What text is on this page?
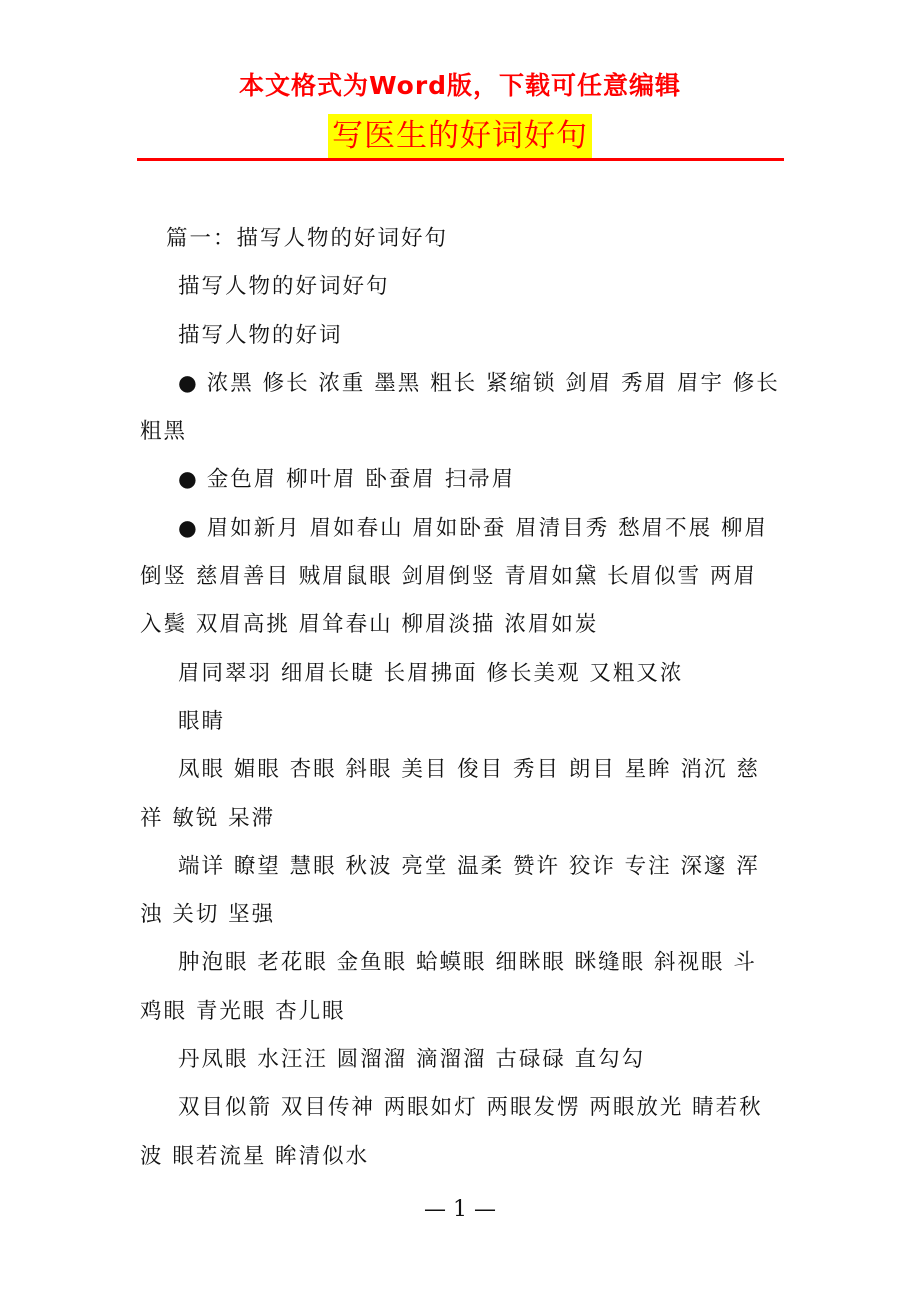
本文格式为Word版，下载可任意编辑
写医生的好词好句

篇一：描写人物的好词好句

描写人物的好词好句

描写人物的好词

● 浓黑 修长 浓重 墨黑 粗长 紧缩锁 剑眉 秀眉 眉宇 修长 粗黑

● 金色眉 柳叶眉 卧蚕眉 扫帚眉

● 眉如新月 眉如春山 眉如卧蚕 眉清目秀 愁眉不展 柳眉倒竖 慈眉善目 贼眉鼠眼 剑眉倒竖 青眉如黛 长眉似雪 两眉入鬓 双眉高挑 眉耸春山 柳眉淡描 浓眉如炭

眉同翠羽 细眉长睫 长眉拂面 修长美观 又粗又浓

眼睛

凤眼 媚眼 杏眼 斜眼 美目 俊目 秀目 朗目 星眸 消沉 慈祥 敏锐 呆滞

端详 瞭望 慧眼 秋波 亮堂 温柔 赞许 狡诈 专注 深邃 浑浊 关切 坚强

肿泡眼 老花眼 金鱼眼 蛤蟆眼 细眯眼 眯缝眼 斜视眼 斗鸡眼 青光眼 杏儿眼

丹凤眼 水汪汪 圆溜溜 滴溜溜 古碌碌 直勾勾

双目似箭 双目传神 两眼如灯 两眼发愣 两眼放光 睛若秋波 眼若流星 眸清似水

— 1 —
